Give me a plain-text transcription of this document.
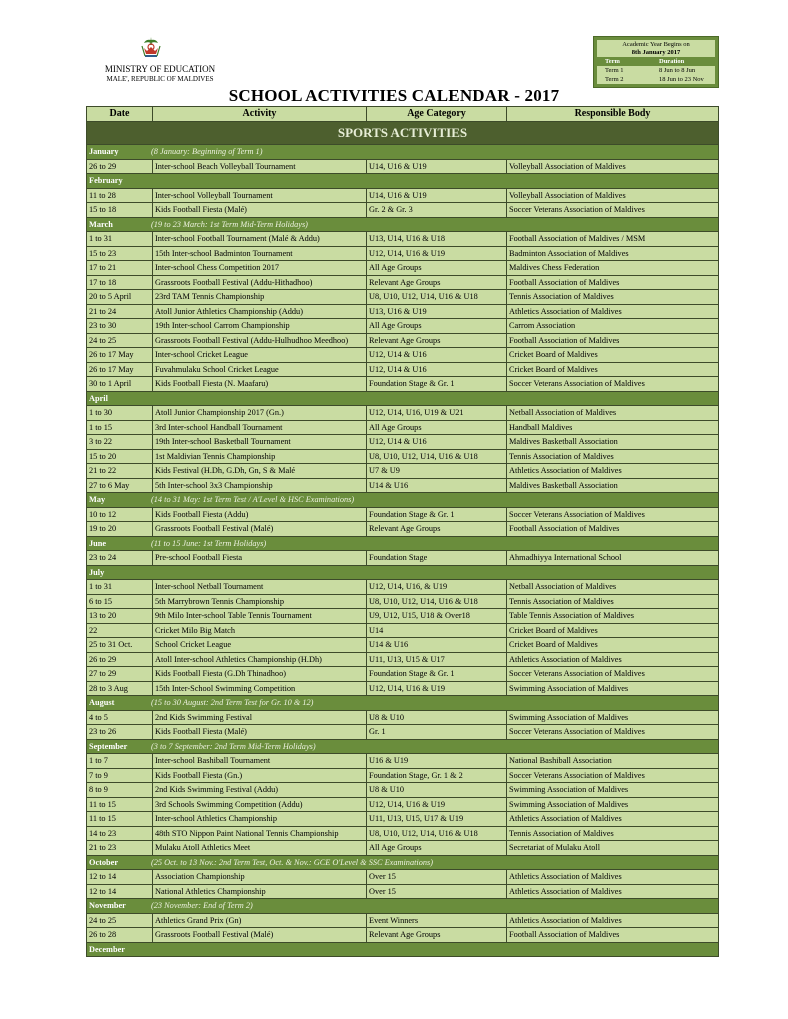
MINISTRY OF EDUCATION
MALE', REPUBLIC OF MALDIVES
Academic Year Begins on
8th January 2017
Term	Duration
Term 1	8 Jun to 8 Jun
Term 2	18 Jun to 23 Nov
SCHOOL ACTIVITIES CALENDAR - 2017
Date	Activity	Age Category	Responsible Body
SPORTS ACTIVITIES			
January (8 January: Beginning of Term 1)			
26 to 29	Inter-school Beach Volleyball Tournament	U14, U16 & U19	Volleyball Association of Maldives
February			
11 to 28	Inter-school Volleyball Tournament	U14, U16 & U19	Volleyball Association of Maldives
15 to 18	Kids Football Fiesta (Malé)	Gr. 2 & Gr. 3	Soccer Veterans Association of Maldives
March (19 to 23 March: 1st Term Mid-Term Holidays)			
1 to 31	Inter-school Football Tournament (Malé & Addu)	U13, U14, U16 & U18	Football Association of Maldives / MSM
15 to 23	15th Inter-school Badminton Tournament	U12, U14, U16 & U19	Badminton Association of Maldives
17 to 21	Inter-school Chess Competition 2017	All Age Groups	Maldives Chess Federation
17 to 18	Grassroots Football Festival (Addu-Hithadhoo)	Relevant Age Groups	Football Association of Maldives
20 to 5 April	23rd TAM Tennis Championship	U8, U10, U12, U14, U16 & U18	Tennis Association of Maldives
21 to 24	Atoll Junior Athletics Championship (Addu)	U13, U16 & U19	Athletics Association of Maldives
23 to 30	19th Inter-school Carrom Championship	All Age Groups	Carrom Association
24 to 25	Grassroots Football Festival (Addu-Hulhudhoo Meedhoo)	Relevant Age Groups	Football Association of Maldives
26 to 17 May	Inter-school Cricket League	U12, U14 & U16	Cricket Board of Maldives
26 to 17 May	Fuvahmulaku School Cricket League	U12, U14 & U16	Cricket Board of Maldives
30 to 1 April	Kids Football Fiesta (N. Maafaru)	Foundation Stage & Gr. 1	Soccer Veterans Association of Maldives
April			
1 to 30	Atoll Junior Championship 2017 (Gn.)	U12, U14, U16, U19 & U21	Netball Association of Maldives
1 to 15	3rd Inter-school Handball Tournament	All Age Groups	Handball Maldives
3 to 22	19th Inter-school Basketball Tournament	U12, U14 & U16	Maldives Basketball Association
15 to 20	1st Maldivian Tennis Championship	U8, U10, U12, U14, U16 & U18	Tennis Association of Maldives
21 to 22	Kids Festival (H.Dh, G.Dh, Gn, S & Malé	U7 & U9	Athletics Association of Maldives
27 to 6 May	5th Inter-school 3x3 Championship	U14 & U16	Maldives Basketball Association
May (14 to 31 May: 1st Term Test / A'Level & HSC Examinations)			
10 to 12	Kids Football Fiesta (Addu)	Foundation Stage & Gr. 1	Soccer Veterans Association of Maldives
19 to 20	Grassroots Football Festival (Malé)	Relevant Age Groups	Football Association of Maldives
June (11 to 15 June: 1st Term Holidays)			
23 to 24	Pre-school Football Fiesta	Foundation Stage	Ahmadhiyya International School
July			
1 to 31	Inter-school Netball Tournament	U12, U14, U16, & U19	Netball Association of Maldives
6 to 15	5th Marrybrown Tennis Championship	U8, U10, U12, U14, U16 & U18	Tennis Association of Maldives
13 to 20	9th Milo Inter-school Table Tennis Tournament	U9, U12, U15, U18 & Over18	Table Tennis Association of Maldives
22	Cricket Milo Big Match	U14	Cricket Board of Maldives
25 to 31 Oct.	School Cricket League	U14 & U16	Cricket Board of Maldives
26 to 29	Atoll Inter-school Athletics Championship (H.Dh)	U11, U13, U15 & U17	Athletics Association of Maldives
27 to 29	Kids Football Fiesta (G.Dh Thinadhoo)	Foundation Stage & Gr. 1	Soccer Veterans Association of Maldives
28 to 3 Aug	15th Inter-School Swimming Competition	U12, U14, U16 & U19	Swimming Association of Maldives
August (15 to 30 August: 2nd Term Test for Gr. 10 & 12)			
4 to 5	2nd Kids Swimming Festival	U8 & U10	Swimming Association of Maldives
23 to 26	Kids Football Fiesta (Malé)	Gr. 1	Soccer Veterans Association of Maldives
September (3 to 7 September: 2nd Term Mid-Term Holidays)			
1 to 7	Inter-school Bashiball Tournament	U16 & U19	National Bashiball Association
7 to 9	Kids Football Fiesta (Gn.)	Foundation Stage, Gr. 1 & 2	Soccer Veterans Association of Maldives
8 to 9	2nd Kids Swimming Festival (Addu)	U8 & U10	Swimming Association of Maldives
11 to 15	3rd Schools Swimming Competition (Addu)	U12, U14, U16 & U19	Swimming Association of Maldives
11 to 15	Inter-school Athletics Championship	U11, U13, U15, U17 & U19	Athletics Association of Maldives
14 to 23	48th STO Nippon Paint National Tennis Championship	U8, U10, U12, U14, U16 & U18	Tennis Association of Maldives
21 to 23	Mulaku Atoll Athletics Meet	All Age Groups	Secretariat of Mulaku Atoll
October (25 Oct. to 13 Nov.: 2nd Term Test, Oct. & Nov.: GCE O'Level & SSC Examinations)			
12 to 14	Association Championship	Over 15	Athletics Association of Maldives
12 to 14	National Athletics Championship	Over 15	Athletics Association of Maldives
November (23 November: End of Term 2)			
24 to 25	Athletics Grand Prix (Gn)	Event Winners	Athletics Association of Maldives
26 to 28	Grassroots Football Festival (Malé)	Relevant Age Groups	Football Association of Maldives
December			
